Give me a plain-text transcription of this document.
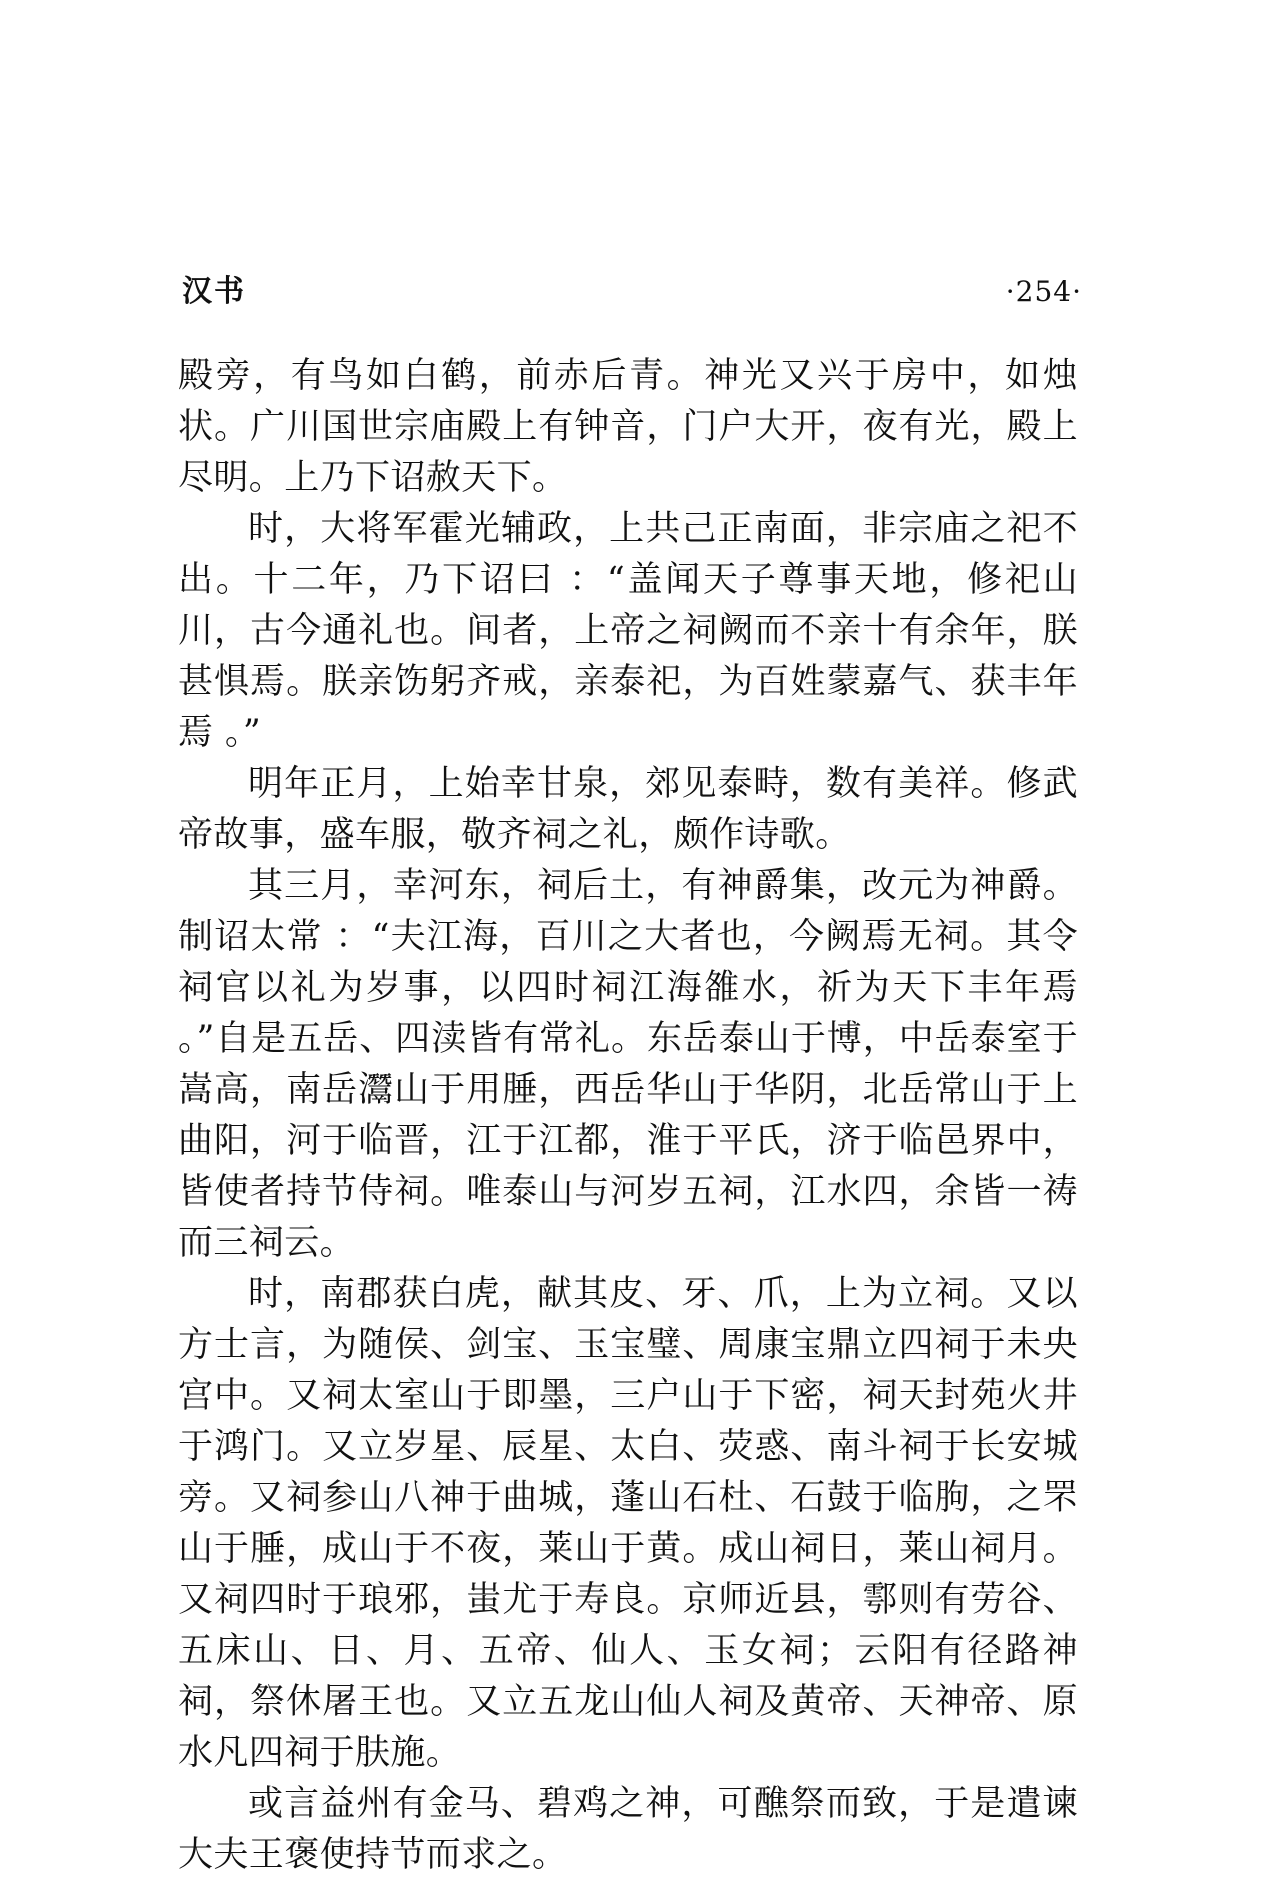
汉书	·254·

殿旁，有鸟如白鹤，前赤后青。神光又兴于房中，如烛状。广川国世宗庙殿上有钟音，门户大开，夜有光，殿上尽明。上乃下诏赦天下。

时，大将军霍光辅政，上共己正南面，非宗庙之祀不出。十二年，乃下诏曰 ：“盖闻天子尊事天地，修祀山川，古今通礼也。间者，上帝之祠阙而不亲十有余年，朕甚惧焉。朕亲饬躬齐戒，亲泰祀，为百姓蒙嘉气、获丰年焉 。”

明年正月，上始幸甘泉，郊见泰畤，数有美祥。修武帝故事，盛车服，敬齐祠之礼，颇作诗歌。

其三月，幸河东，祠后土，有神爵集，改元为神爵。制诏太常 ：“夫江海，百川之大者也，今阙焉无祠。其令祠官以礼为岁事，以四时祠江海雒水，祈为天下丰年焉 。”自是五岳、四渎皆有常礼。东岳泰山于博，中岳泰室于嵩高，南岳灊山于用腄，西岳华山于华阴，北岳常山于上曲阳，河于临晋，江于江都，淮于平氏，济于临邑界中，皆使者持节侍祠。唯泰山与河岁五祠，江水四，余皆一祷而三祠云。

时，南郡获白虎，献其皮、牙、爪，上为立祠。又以方士言，为随侯、剑宝、玉宝璧、周康宝鼎立四祠于未央宫中。又祠太室山于即墨，三户山于下密，祠天封苑火井于鸿门。又立岁星、辰星、太白、荧惑、南斗祠于长安城旁。又祠参山八神于曲城，蓬山石杜、石鼓于临朐，之罘山于腄，成山于不夜，莱山于黄。成山祠日，莱山祠月。又祠四时于琅邪，蚩尤于寿良。京师近县，鄠则有劳谷、五床山、日、月、五帝、仙人、玉女祠；云阳有径路神祠，祭休屠王也。又立五龙山仙人祠及黄帝、天神帝、原水凡四祠于肤施。

或言益州有金马、碧鸡之神，可醮祭而致，于是遣谏大夫王褒使持节而求之。
